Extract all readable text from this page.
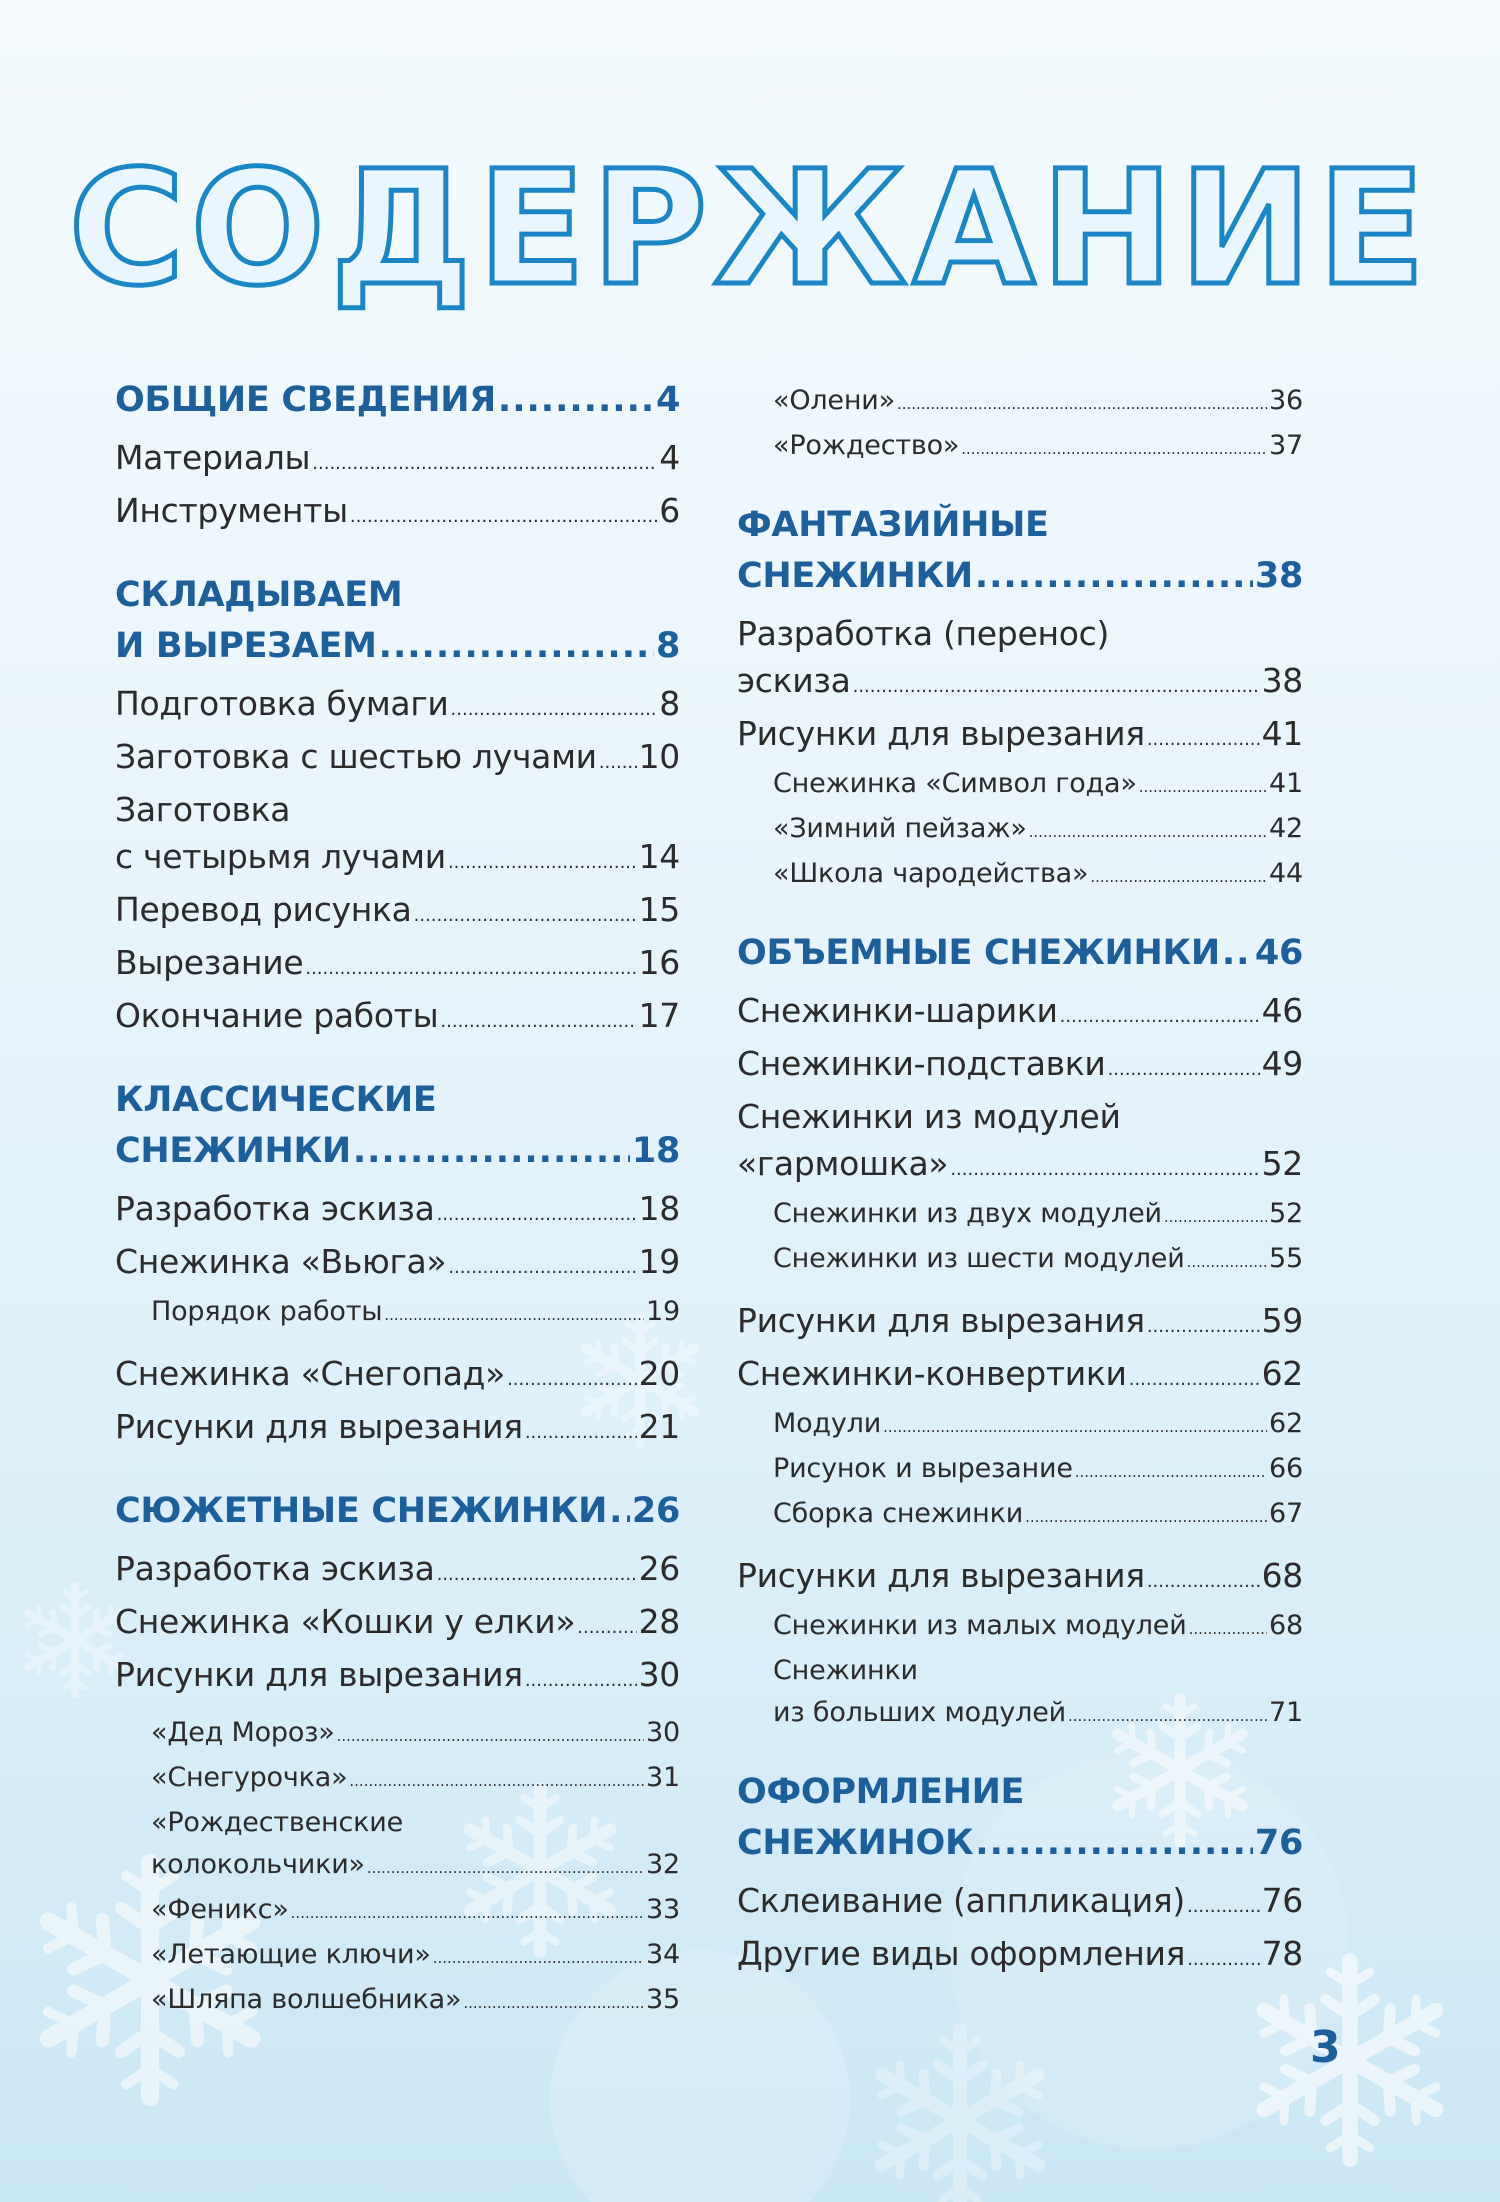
СОДЕРЖАНИЕ
ОБЩИЕ СВЕДЕНИЯ .....	4
Материалы .....	4
Инструменты .....	6
СКЛАДЫВАЕМ
И ВЫРЕЗАЕМ .....	8
Подготовка бумаги .....	8
Заготовка с шестью лучами ..... 10
Заготовка
с четырьмя лучами .....	14
Перевод рисунка .....	15
Вырезание .....	16
Окончание работы .....	17
КЛАССИЧЕСКИЕ
СНЕЖИНКИ .....	18
Разработка эскиза .....	18
Снежинка «Вьюга» .....	19
Порядок работы .....	19
Снежинка «Снегопад» .....	20
Рисунки для вырезания .....	21
СЮЖЕТНЫЕ СНЕЖИНКИ ..... 26
Разработка эскиза .....	26
Снежинка «Кошки у елки» ..... 28
Рисунки для вырезания .....	30
«Дед Мороз» .....	30
«Снегурочка» .....	31
«Рождественские
колокольчики» .....	32
«Феникс» .....	33
«Летающие ключи» .....	34
«Шляпа волшебника» .....	35
«Олени» .....	36
«Рождество» .....	37
ФАНТАЗИЙНЫЕ
СНЕЖИНКИ .....	38
Разработка (перенос)
эскиза .....	38
Рисунки для вырезания .....	41
Снежинка «Символ года» .....	41
«Зимний пейзаж» .....	42
«Школа чародейства» .....	44
ОБЪЕМНЫЕ СНЕЖИНКИ ..... 46
Снежинки-шарики .....	46
Снежинки-подставки .....	49
Снежинки из модулей
«гармошка» .....	52
Снежинки из двух модулей .....	52
Снежинки из шести модулей .....	55
Рисунки для вырезания .....	59
Снежинки-конвертики .....	62
Модули .....	62
Рисунок и вырезание .....	66
Сборка снежинки .....	67
Рисунки для вырезания .....	68
Снежинки из малых модулей .....	68
Снежинки
из больших модулей .....	71
ОФОРМЛЕНИЕ
СНЕЖИНОК .....	76
Склеивание (аппликация) ..... 76
Другие виды оформления ..... 78
3
